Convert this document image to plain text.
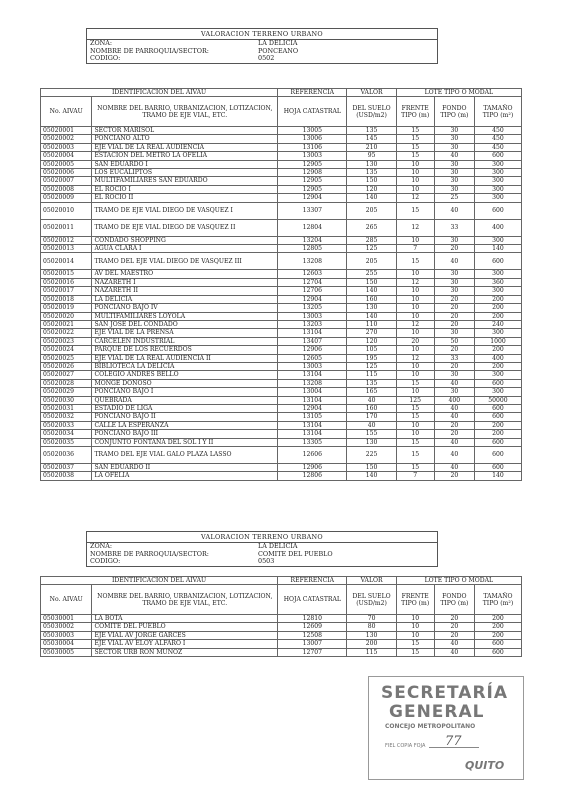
VALORACION TERRENO URBANO
ZONA:	LA DELICIA
NOMBRE DE PARROQUIA/SECTOR:	PONCEANO
CODIGO:	0502
IDENTIFICACION DEL AIVAU		REFERENCIA	VALOR	LOTE TIPO O MODAL		
No. AIVAU	NOMBRE DEL BARRIO, URBANIZACION, LOTIZACION, TRAMO DE EJE VIAL, ETC.	HOJA CATASTRAL	DEL SUELO (USD/m2)	FRENTE TIPO (m)	FONDO TIPO (m)	TAMAÑO TIPO (m²)
05020001	SECTOR MARISOL	13005	135	15	30	450
05020002	PONCIANO ALTO	13006	145	15	30	450
05020003	EJE VIAL DE LA REAL AUDIENCIA	13106	210	15	30	450
05020004	ESTACION DEL METRO LA OFELIA	13003	95	15	40	600
05020005	SAN EDUARDO I	12905	130	10	30	300
05020006	LOS EUCALIPTOS	12908	135	10	30	300
05020007	MULTIFAMILIARES SAN EDUARDO	12905	150	10	30	300
05020008	EL ROCIO I	12905	120	10	30	300
05020009	EL ROCIO II	12904	140	12	25	300
05020010	TRAMO DE EJE VIAL DIEGO DE VASQUEZ I	13307	205	15	40	600
05020011	TRAMO DE EJE VIAL DIEGO DE VASQUEZ II	12804	265	12	33	400
05020012	CONDADO SHOPPING	13204	285	10	30	300
05020013	AGUA CLARA I	12805	125	7	20	140
05020014	TRAMO DEL EJE VIAL DIEGO DE VASQUEZ III	13208	205	15	40	600
05020015	AV DEL MAESTRO	12603	255	10	30	300
05020016	NAZARETH I	12704	150	12	30	360
05020017	NAZARETH II	12706	140	10	30	300
05020018	LA DELICIA	12904	160	10	20	200
05020019	PONCIANO BAJO IV	13205	130	10	20	200
05020020	MULTIFAMILIARES LOYOLA	13003	140	10	20	200
05020021	SAN JOSE DEL CONDADO	13203	110	12	20	240
05020022	EJE VIAL DE LA PRENSA	13104	270	10	30	300
05020023	CARCELEN INDUSTRIAL	13407	120	20	50	1000
05020024	PARQUE DE LOS RECUERDOS	12906	105	10	20	200
05020025	EJE VIAL DE LA REAL AUDIENCIA II	12605	195	12	33	400
05020026	BIBLIOTECA LA DELICIA	13003	125	10	20	200
05020027	COLEGIO ANDRES BELLO	13104	115	10	30	300
05020028	MONGE DONOSO	13208	135	15	40	600
05020029	PONCIANO BAJO I	13004	165	10	30	300
05020030	QUEBRADA	13104	40	125	400	50000
05020031	ESTADIO DE LIGA	12904	160	15	40	600
05020032	PONCIANO BAJO II	13105	170	15	40	600
05020033	CALLE LA ESPERANZA	13104	40	10	20	200
05020034	PONCIANO BAJO III	13104	155	10	20	200
05020035	CONJUNTO FONTANA DEL SOL I Y II	13305	130	15	40	600
05020036	TRAMO DEL EJE VIAL GALO PLAZA LASSO	12606	225	15	40	600
05020037	SAN EDUARDO II	12906	150	15	40	600
05020038	LA OFELIA	12806	140	7	20	140
VALORACION TERRENO URBANO
ZONA:	LA DELICIA
NOMBRE DE PARROQUIA/SECTOR:	COMITE DEL PUEBLO
CODIGO:	0503
IDENTIFICACION DEL AIVAU		REFERENCIA	VALOR	LOTE TIPO O MODAL		
No. AIVAU	NOMBRE DEL BARRIO, URBANIZACION, LOTIZACION, TRAMO DE EJE VIAL, ETC.	HOJA CATASTRAL	DEL SUELO (USD/m2)	FRENTE TIPO (m)	FONDO TIPO (m)	TAMAÑO TIPO (m²)
05030001	LA BOTA	12810	70	10	20	200
05030002	COMITE DEL PUEBLO	12609	80	10	20	200
05030003	EJE VIAL AV JORGE GARCES	12508	130	10	20	200
05030004	EJE VIAL AV ELOY ALFARO I	13007	200	15	40	600
05030005	SECTOR URB RON MUÑOZ	12707	115	15	40	600
SECRETARÍA
GENERAL
CONCEJO METROPOLITANO
FIEL COPIA FOJA 77
QUITO
